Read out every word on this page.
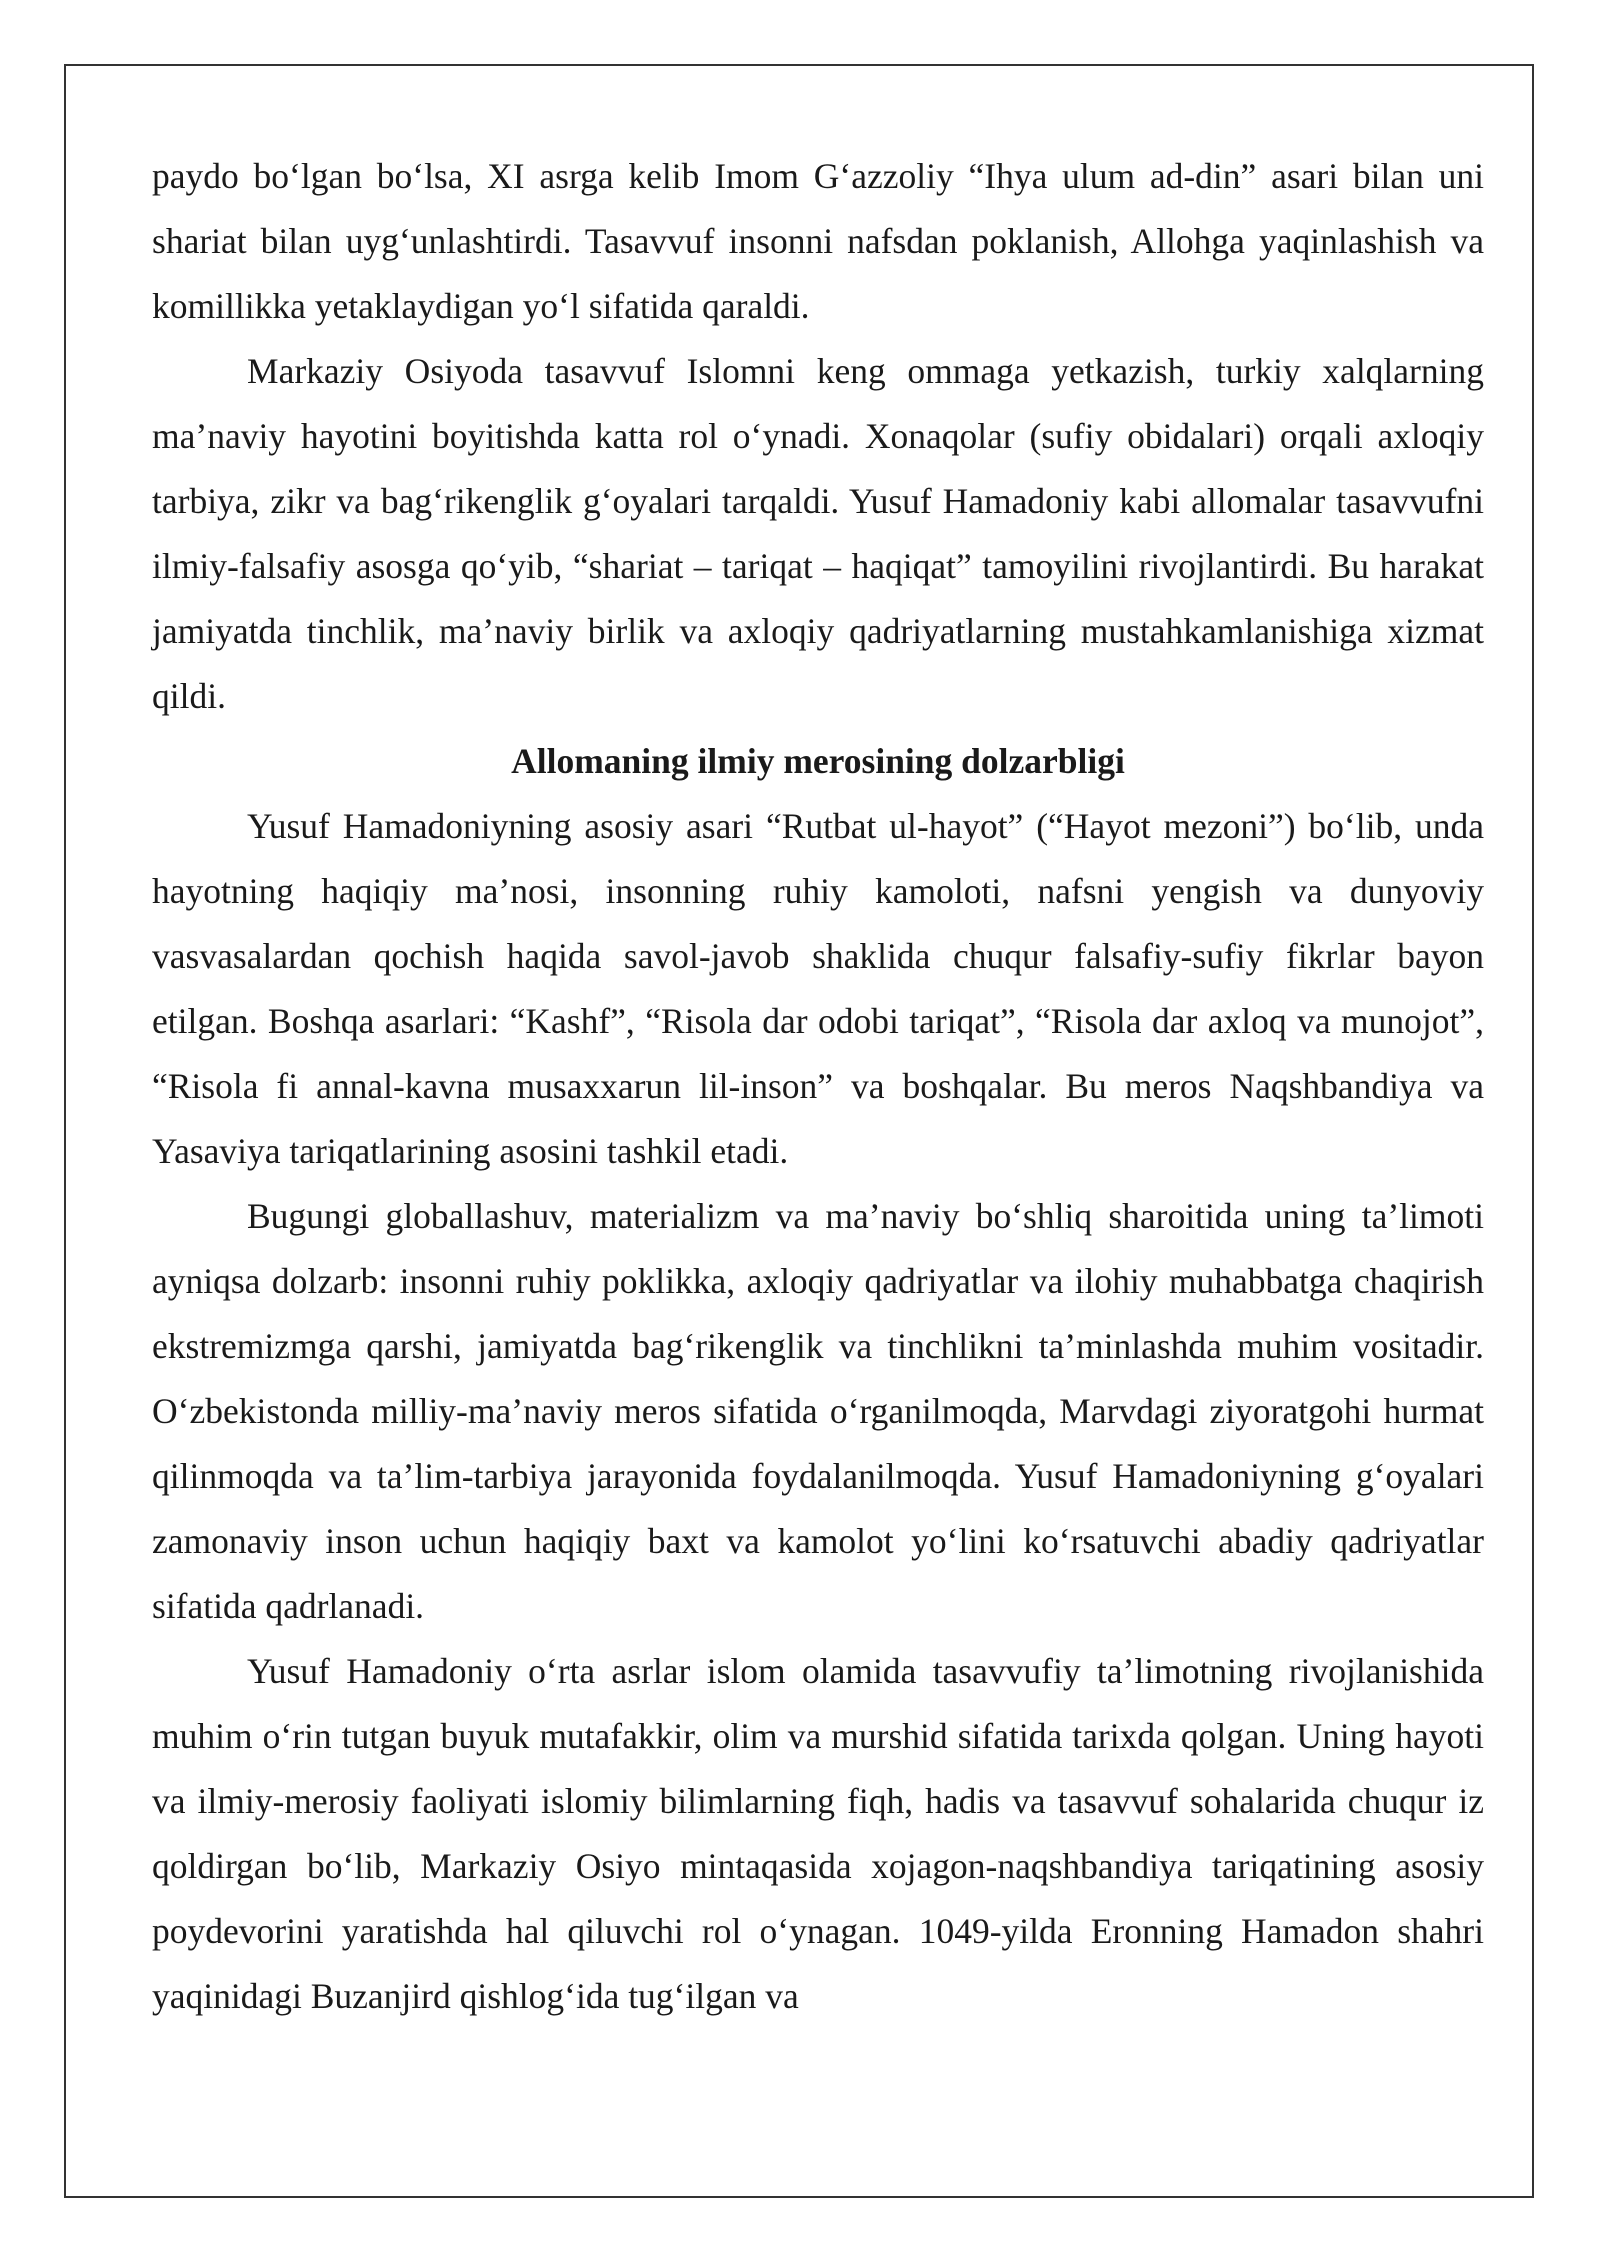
paydo bo‘lgan bo‘lsa, XI asrga kelib Imom G‘azzoliy “Ihya ulum ad-din” asari bilan uni shariat bilan uyg‘unlashtirdi. Tasavvuf insonni nafsdan poklanish, Allohga yaqinlashish va komillikka yetaklaydigan yo‘l sifatida qaraldi.

Markaziy Osiyoda tasavvuf Islomni keng ommaga yetkazish, turkiy xalqlarning ma’naviy hayotini boyitishda katta rol o‘ynadi. Xonaqolar (sufiy obidalari) orqali axloqiy tarbiya, zikr va bag‘rikenglik g‘oyalari tarqaldi. Yusuf Hamadoniy kabi allomalar tasavvufni ilmiy-falsafiy asosga qo‘yib, “shariat – tariqat – haqiqat” tamoyilini rivojlantirdi. Bu harakat jamiyatda tinchlik, ma’naviy birlik va axloqiy qadriyatlarning mustahkamlanishiga xizmat qildi.

Allomaning ilmiy merosining dolzarbligi

Yusuf Hamadoniyning asosiy asari “Rutbat ul-hayot” (“Hayot mezoni”) bo‘lib, unda hayotning haqiqiy ma’nosi, insonning ruhiy kamoloti, nafsni yengish va dunyoviy vasvasalardan qochish haqida savol-javob shaklida chuqur falsafiy-sufiy fikrlar bayon etilgan. Boshqa asarlari: “Kashf”, “Risola dar odobi tariqat”, “Risola dar axloq va munojot”, “Risola fi annal-kavna musaxxarun lil-inson” va boshqalar. Bu meros Naqshbandiya va Yasaviya tariqatlarining asosini tashkil etadi.

Bugungi globallashuv, materializm va ma’naviy bo‘shliq sharoitida uning ta’limoti ayniqsa dolzarb: insonni ruhiy poklikka, axloqiy qadriyatlar va ilohiy muhabbatga chaqirish ekstremizmga qarshi, jamiyatda bag‘rikenglik va tinchlikni ta’minlashda muhim vositadir. O‘zbekistonda milliy-ma’naviy meros sifatida o‘rganilmoqda, Marvdagi ziyoratgohi hurmat qilinmoqda va ta’lim-tarbiya jarayonida foydalanilmoqda. Yusuf Hamadoniyning g‘oyalari zamonaviy inson uchun haqiqiy baxt va kamolot yo‘lini ko‘rsatuvchi abadiy qadriyatlar sifatida qadrlanadi.

Yusuf Hamadoniy o‘rta asrlar islom olamida tasavvufiy ta’limotning rivojlanishida muhim o‘rin tutgan buyuk mutafakkir, olim va murshid sifatida tarixda qolgan. Uning hayoti va ilmiy-merosiy faoliyati islomiy bilimlarning fiqh, hadis va tasavvuf sohalarida chuqur iz qoldirgan bo‘lib, Markaziy Osiyo mintaqasida xojagon-naqshbandiya tariqatining asosiy poydevorini yaratishda hal qiluvchi rol o‘ynagan. 1049-yilda Eronning Hamadon shahri yaqinidagi Buzanjird qishlog‘ida tug‘ilgan va
